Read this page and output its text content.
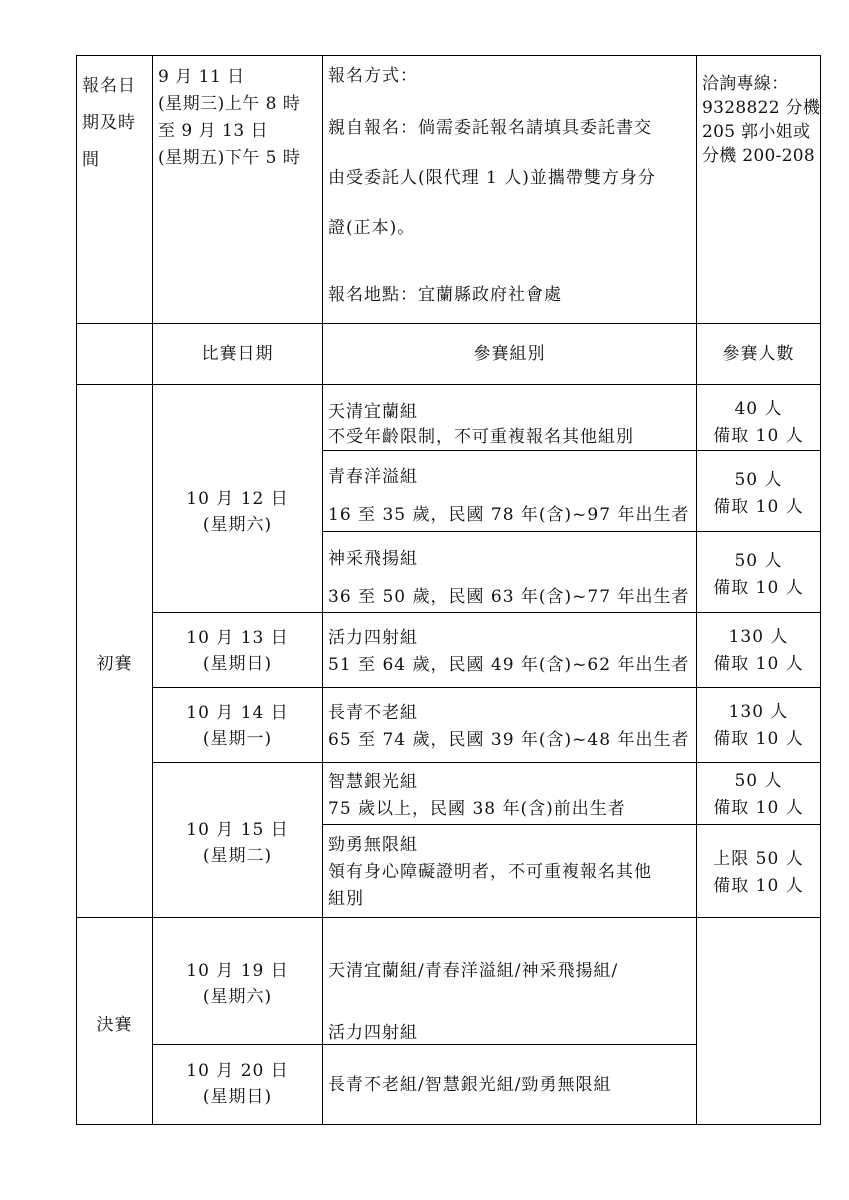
報名日
期及時
間
9 月 11 日
(星期三)上午 8 時
至 9 月 13 日
(星期五)下午 5 時
報名方式：
親自報名：倘需委託報名請填具委託書交
由受委託人(限代理 1 人)並攜帶雙方身分
證(正本)。
報名地點：宜蘭縣政府社會處
洽詢專線：
9328822 分機
205 郭小姐或
分機 200-208
比賽日期	參賽組別	參賽人數
初賽
10 月 12 日
(星期六)
10 月 13 日
(星期日)
10 月 14 日
(星期一)
10 月 15 日
(星期二)
天清宜蘭組
不受年齡限制，不可重複報名其他組別
40 人
備取 10 人
青春洋溢組
16 至 35 歲，民國 78 年(含)~97 年出生者
50 人
備取 10 人
神采飛揚組
36 至 50 歲，民國 63 年(含)~77 年出生者
50 人
備取 10 人
活力四射組
51 至 64 歲，民國 49 年(含)~62 年出生者
130 人
備取 10 人
長青不老組
65 至 74 歲，民國 39 年(含)~48 年出生者
130 人
備取 10 人
智慧銀光組
75 歲以上，民國 38 年(含)前出生者
50 人
備取 10 人
勁勇無限組
領有身心障礙證明者，不可重複報名其他
組別
上限 50 人
備取 10 人
決賽
10 月 19 日
(星期六)
天清宜蘭組/青春洋溢組/神采飛揚組/
活力四射組
10 月 20 日
(星期日)
長青不老組/智慧銀光組/勁勇無限組
